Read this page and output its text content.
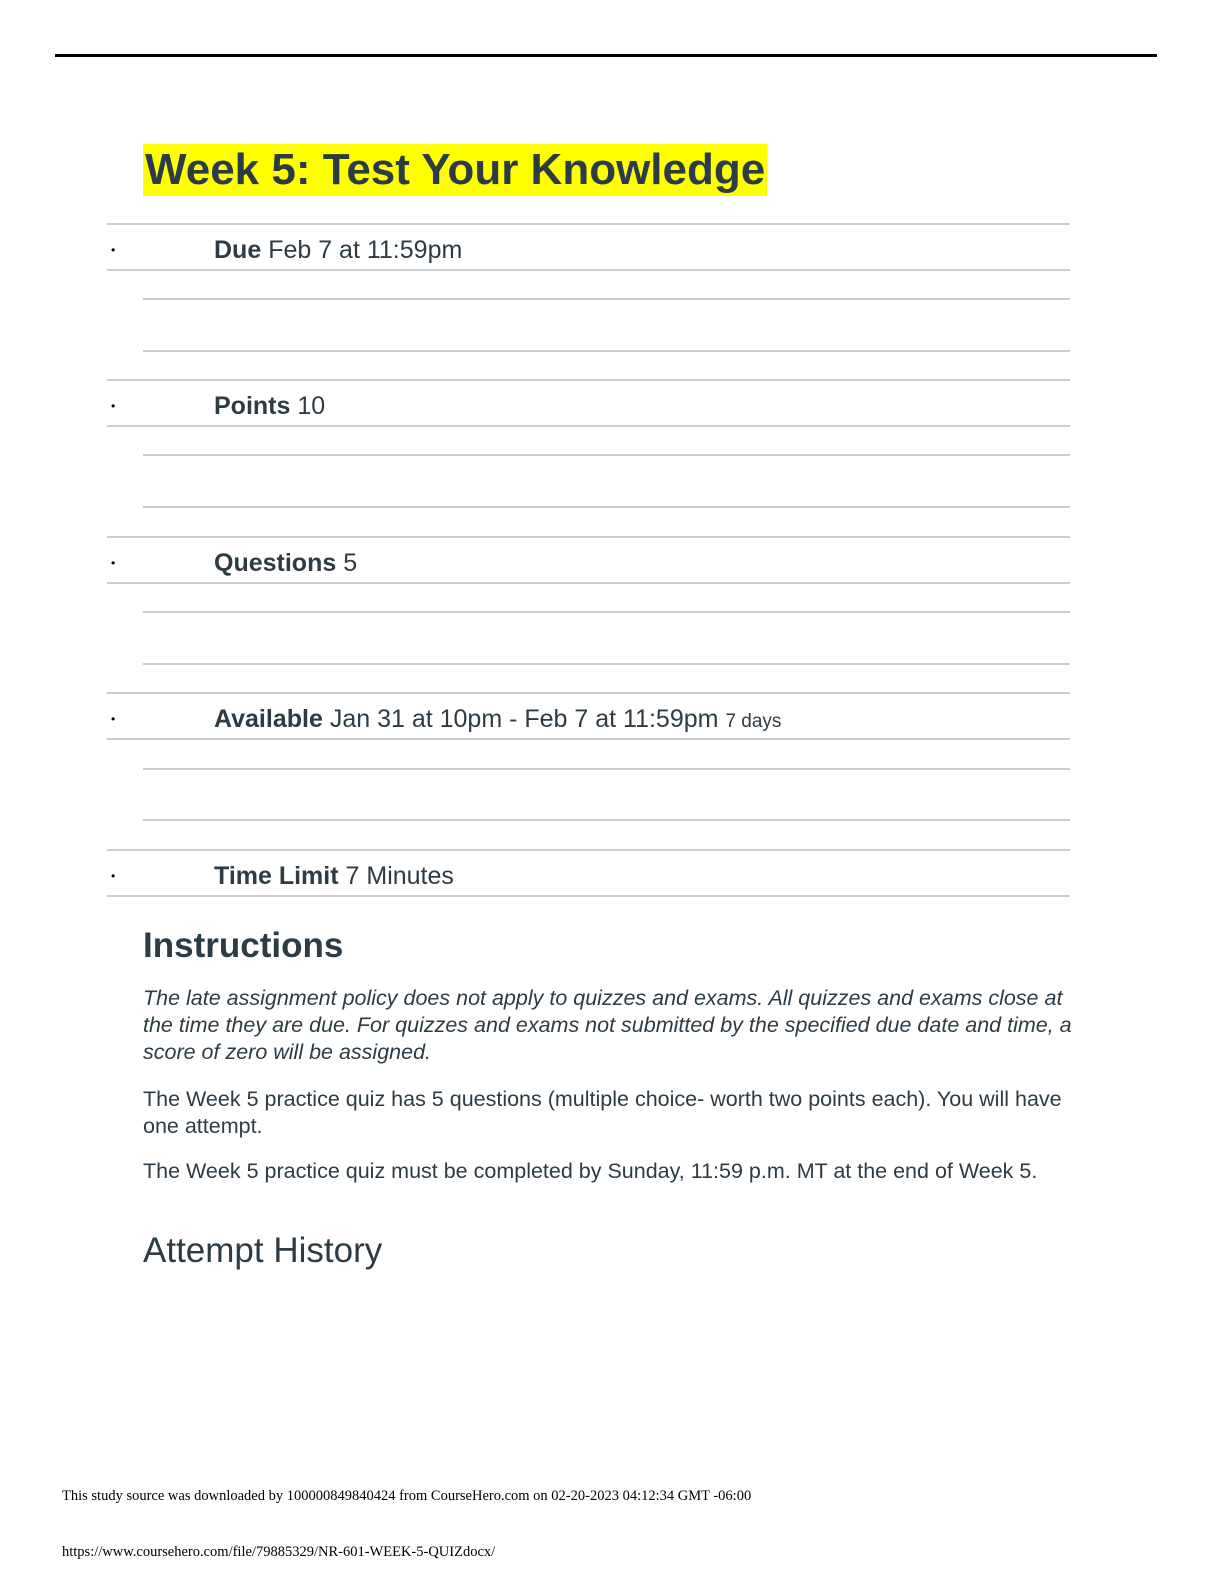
Week 5: Test Your Knowledge
•	Due Feb 7 at 11:59pm
•	Points 10
•	Questions 5
•	Available Jan 31 at 10pm - Feb 7 at 11:59pm 7 days
•	Time Limit 7 Minutes
Instructions

The late assignment policy does not apply to quizzes and exams. All quizzes and exams close at the time they are due. For quizzes and exams not submitted by the specified due date and time, a score of zero will be assigned.

The Week 5 practice quiz has 5 questions (multiple choice- worth two points each). You will have one attempt.

The Week 5 practice quiz must be completed by Sunday, 11:59 p.m. MT at the end of Week 5.

Attempt History
This study source was downloaded by 100000849840424 from CourseHero.com on 02-20-2023 04:12:34 GMT -06:00
https://www.coursehero.com/file/79885329/NR-601-WEEK-5-QUIZdocx/
